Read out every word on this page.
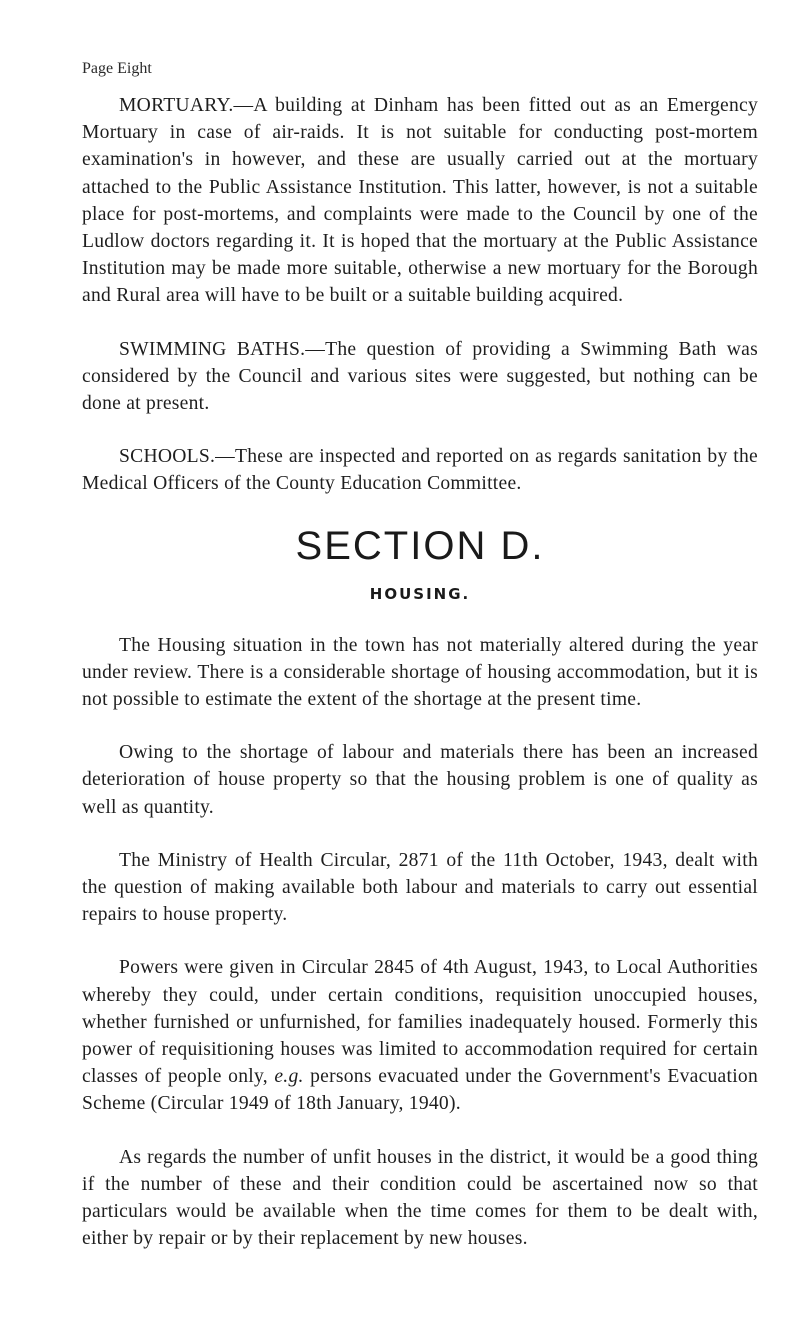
Page Eight

MORTUARY.—A building at Dinham has been fitted out as an Emergency Mortuary in case of air-raids. It is not suitable for conducting post-mortem examination's in however, and these are usually carried out at the mortuary attached to the Public Assistance Institution. This latter, however, is not a suitable place for post-mortems, and complaints were made to the Council by one of the Ludlow doctors regarding it. It is hoped that the mortuary at the Public Assistance Institution may be made more suitable, otherwise a new mortuary for the Borough and Rural area will have to be built or a suitable building acquired.

SWIMMING BATHS.—The question of providing a Swimming Bath was considered by the Council and various sites were suggested, but nothing can be done at present.

SCHOOLS.—These are inspected and reported on as regards sanitation by the Medical Officers of the County Education Committee.

SECTION D.
HOUSING.

The Housing situation in the town has not materially altered during the year under review. There is a considerable shortage of housing accommodation, but it is not possible to estimate the extent of the shortage at the present time.

Owing to the shortage of labour and materials there has been an increased deterioration of house property so that the housing problem is one of quality as well as quantity.

The Ministry of Health Circular, 2871 of the 11th October, 1943, dealt with the question of making available both labour and materials to carry out essential repairs to house property.

Powers were given in Circular 2845 of 4th August, 1943, to Local Authorities whereby they could, under certain conditions, requisition unoccupied houses, whether furnished or unfurnished, for families inadequately housed. Formerly this power of requisitioning houses was limited to accommodation required for certain classes of people only, e.g. persons evacuated under the Government's Evacuation Scheme (Circular 1949 of 18th January, 1940).

As regards the number of unfit houses in the district, it would be a good thing if the number of these and their condition could be ascertained now so that particulars would be available when the time comes for them to be dealt with, either by repair or by their replacement by new houses.
